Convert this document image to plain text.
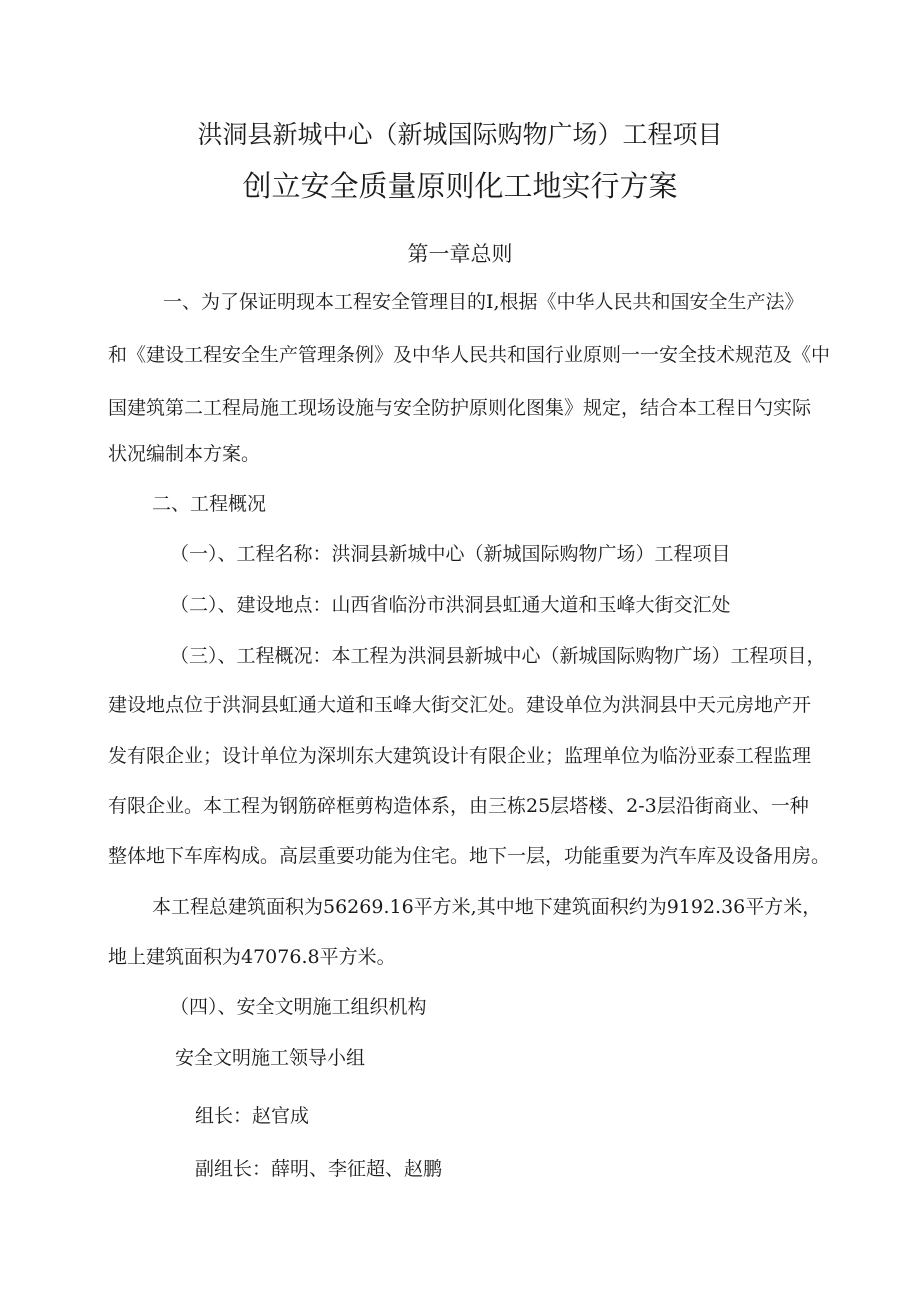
洪洞县新城中心（新城国际购物广场）工程项目
创立安全质量原则化工地实行方案
第一章总则
一、为了保证明现本工程安全管理目的Ⅰ,根据《中华人民共和国安全生产法》
和《建设工程安全生产管理条例》及中华人民共和国行业原则一一安全技术规范及《中
国建筑第二工程局施工现场设施与安全防护原则化图集》规定，结合本工程日勺实际
状况编制本方案。
二、工程概况
（一）、工程名称：洪洞县新城中心（新城国际购物广场）工程项目
（二）、建设地点：山西省临汾市洪洞县虹通大道和玉峰大街交汇处
（三）、工程概况：本工程为洪洞县新城中心（新城国际购物广场）工程项目，
建设地点位于洪洞县虹通大道和玉峰大街交汇处。建设单位为洪洞县中天元房地产开
发有限企业；设计单位为深圳东大建筑设计有限企业；监理单位为临汾亚泰工程监理
有限企业。本工程为钢筋碎框剪构造体系，由三栋25层塔楼、2-3层沿街商业、一种
整体地下车库构成。高层重要功能为住宅。地下一层，功能重要为汽车库及设备用房。
本工程总建筑面积为56269.16平方米,其中地下建筑面积约为9192.36平方米，
地上建筑面积为47076.8平方米。
（四）、安全文明施工组织机构
安全文明施工领导小组
组长：赵官成
副组长：薛明、李征超、赵鹏
